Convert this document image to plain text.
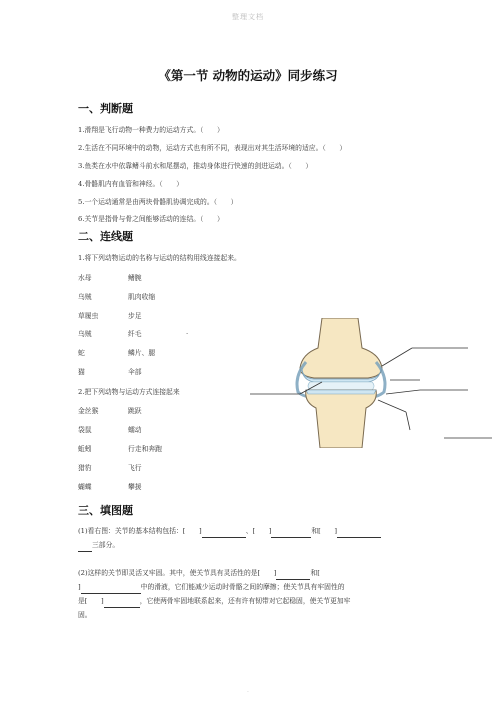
整理文档
《第一节 动物的运动》同步练习
一、判断题
1.滑翔是飞行动物一种费力的运动方式。（　　）
2.生活在不同环境中的动物，运动方式也有所不同，表现出对其生活环境的适应。（　　）
3.鱼类在水中依靠鳍斗前水和尾摆动，推动身体进行快速的剑进运动。（　　）
4.骨骼肌内有血管和神经。（　　）
5.一个运动通常是由两块骨骼肌协调完成的。（　　）
6.关节是指骨与骨之间能够活动的连结。（　　）
二、连线题
1.将下列动物运动的名称与运动的结构用线连接起来。
水母	鳍腕
乌贼	肌肉收缩
草履虫	步足
乌贼	纤毛	.
蛇	鳞片、腿
猫	伞部
2.把下列动物与运动方式连接起来
金丝猴	跳跃
袋鼠	蠕动
蚯蚓	行走和奔跑
猎豹	飞行
蝴蝶	攀援
三、填图题
(1)看右图：关节的基本结构包括：[　　]	、[　　]	和[　　]
三部分。
(2)这样的关节即灵活又牢固。其中，使关节具有灵活性的是[　　]	和[
]	中的滑液，它们能减少运动时骨骼之间的摩擦；使关节具有牢固性的
是[　　]	，它使两骨牢固地联系起来，还有许有韧带对它起稳固，使关节更加牢
固。
.
